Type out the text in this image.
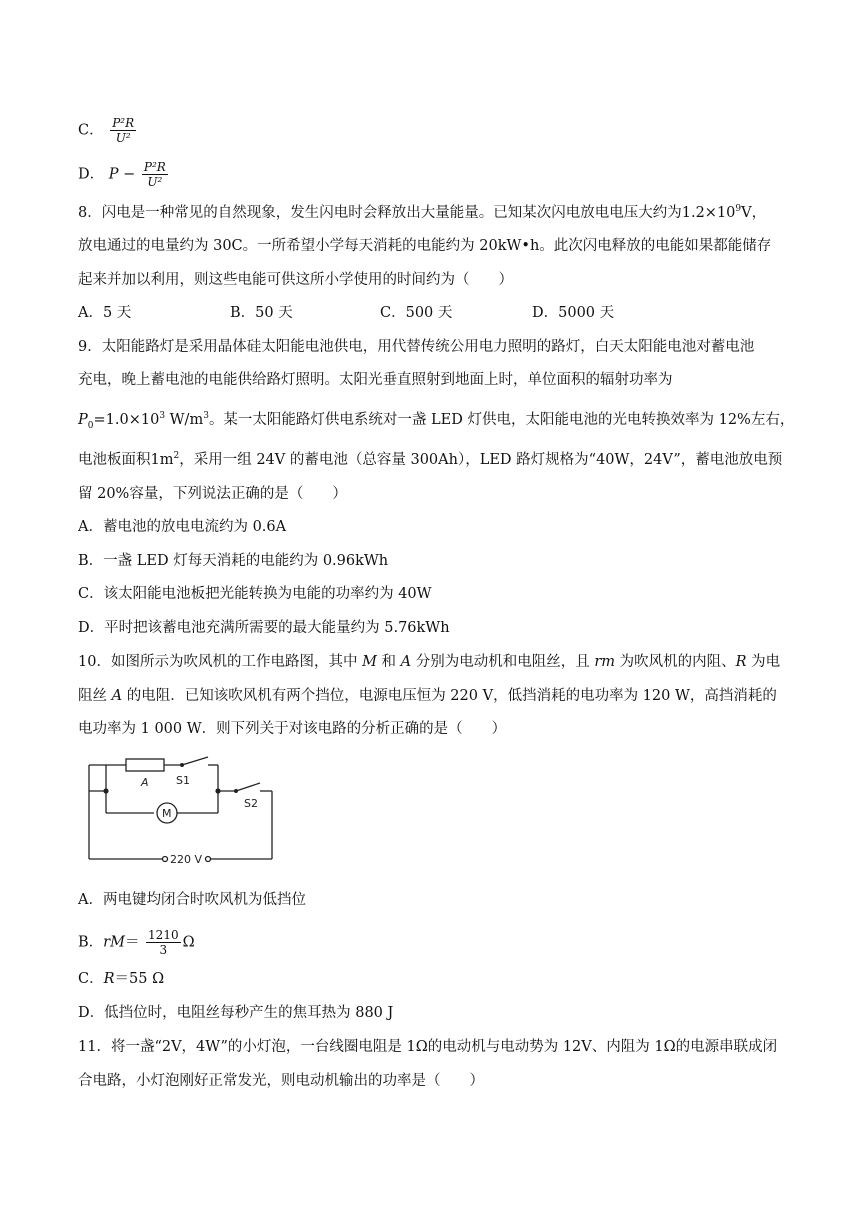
C． $\frac{\text{P²R}}{\text{U²}}$
D． $P - \frac{\text{P²R}}{\text{U²}}$
8．闪电是一种常见的自然现象，发生闪电时会释放出大量能量。已知某次闪电放电电压大约为$1.2\times 10^9V$，
放电通过的电量约为 30C。一所希望小学每天消耗的电能约为 20kW•h。此次闪电释放的电能如果都能储存
起来并加以利用，则这些电能可供这所小学使用的时间约为（　　）
A．5 天	B．50 天	C．500 天	D．5000 天
9．太阳能路灯是采用晶体硅太阳能电池供电，用代替传统公用电力照明的路灯，白天太阳能电池对蓄电池
充电，晚上蓄电池的电能供给路灯照明。太阳光垂直照射到地面上时，单位面积的辐射功率为
$P_0=1.0\times 10^3$ $W/m^3$。某一太阳能路灯供电系统对一盏 LED 灯供电，太阳能电池的光电转换效率为 12%左右，
电池板面积$1m^2$，采用一组 24V 的蓄电池（总容量 300Ah），LED 路灯规格为“40W，24V”，蓄电池放电预
留 20%容量，下列说法正确的是（　　）
A．蓄电池的放电电流约为 0.6A
B．一盏 LED 灯每天消耗的电能约为 0.96kWh
C．该太阳能电池板把光能转换为电能的功率约为 40W
D．平时把该蓄电池充满所需要的最大能量约为 5.76kWh
10．如图所示为吹风机的工作电路图，其中 M 和 A 分别为电动机和电阻丝，且 rm 为吹风机的内阻、R 为电
阻丝 A 的电阻．已知该吹风机有两个挡位，电源电压恒为 220 V，低挡消耗的电功率为 120 W，高挡消耗的
电功率为 1 000 W．则下列关于对该电路的分析正确的是（　　）
A S1
S2
M
220 V
A．两电键均闭合时吹风机为低挡位
B．$rM= \frac{1210}{3}$ Ω
C．R＝55 Ω
D．低挡位时，电阻丝每秒产生的焦耳热为 880 J
11．将一盏“2V，4W”的小灯泡，一台线圈电阻是 1Ω的电动机与电动势为 12V、内阻为 1Ω的电源串联成闭
合电路，小灯泡刚好正常发光，则电动机输出的功率是（　　）
